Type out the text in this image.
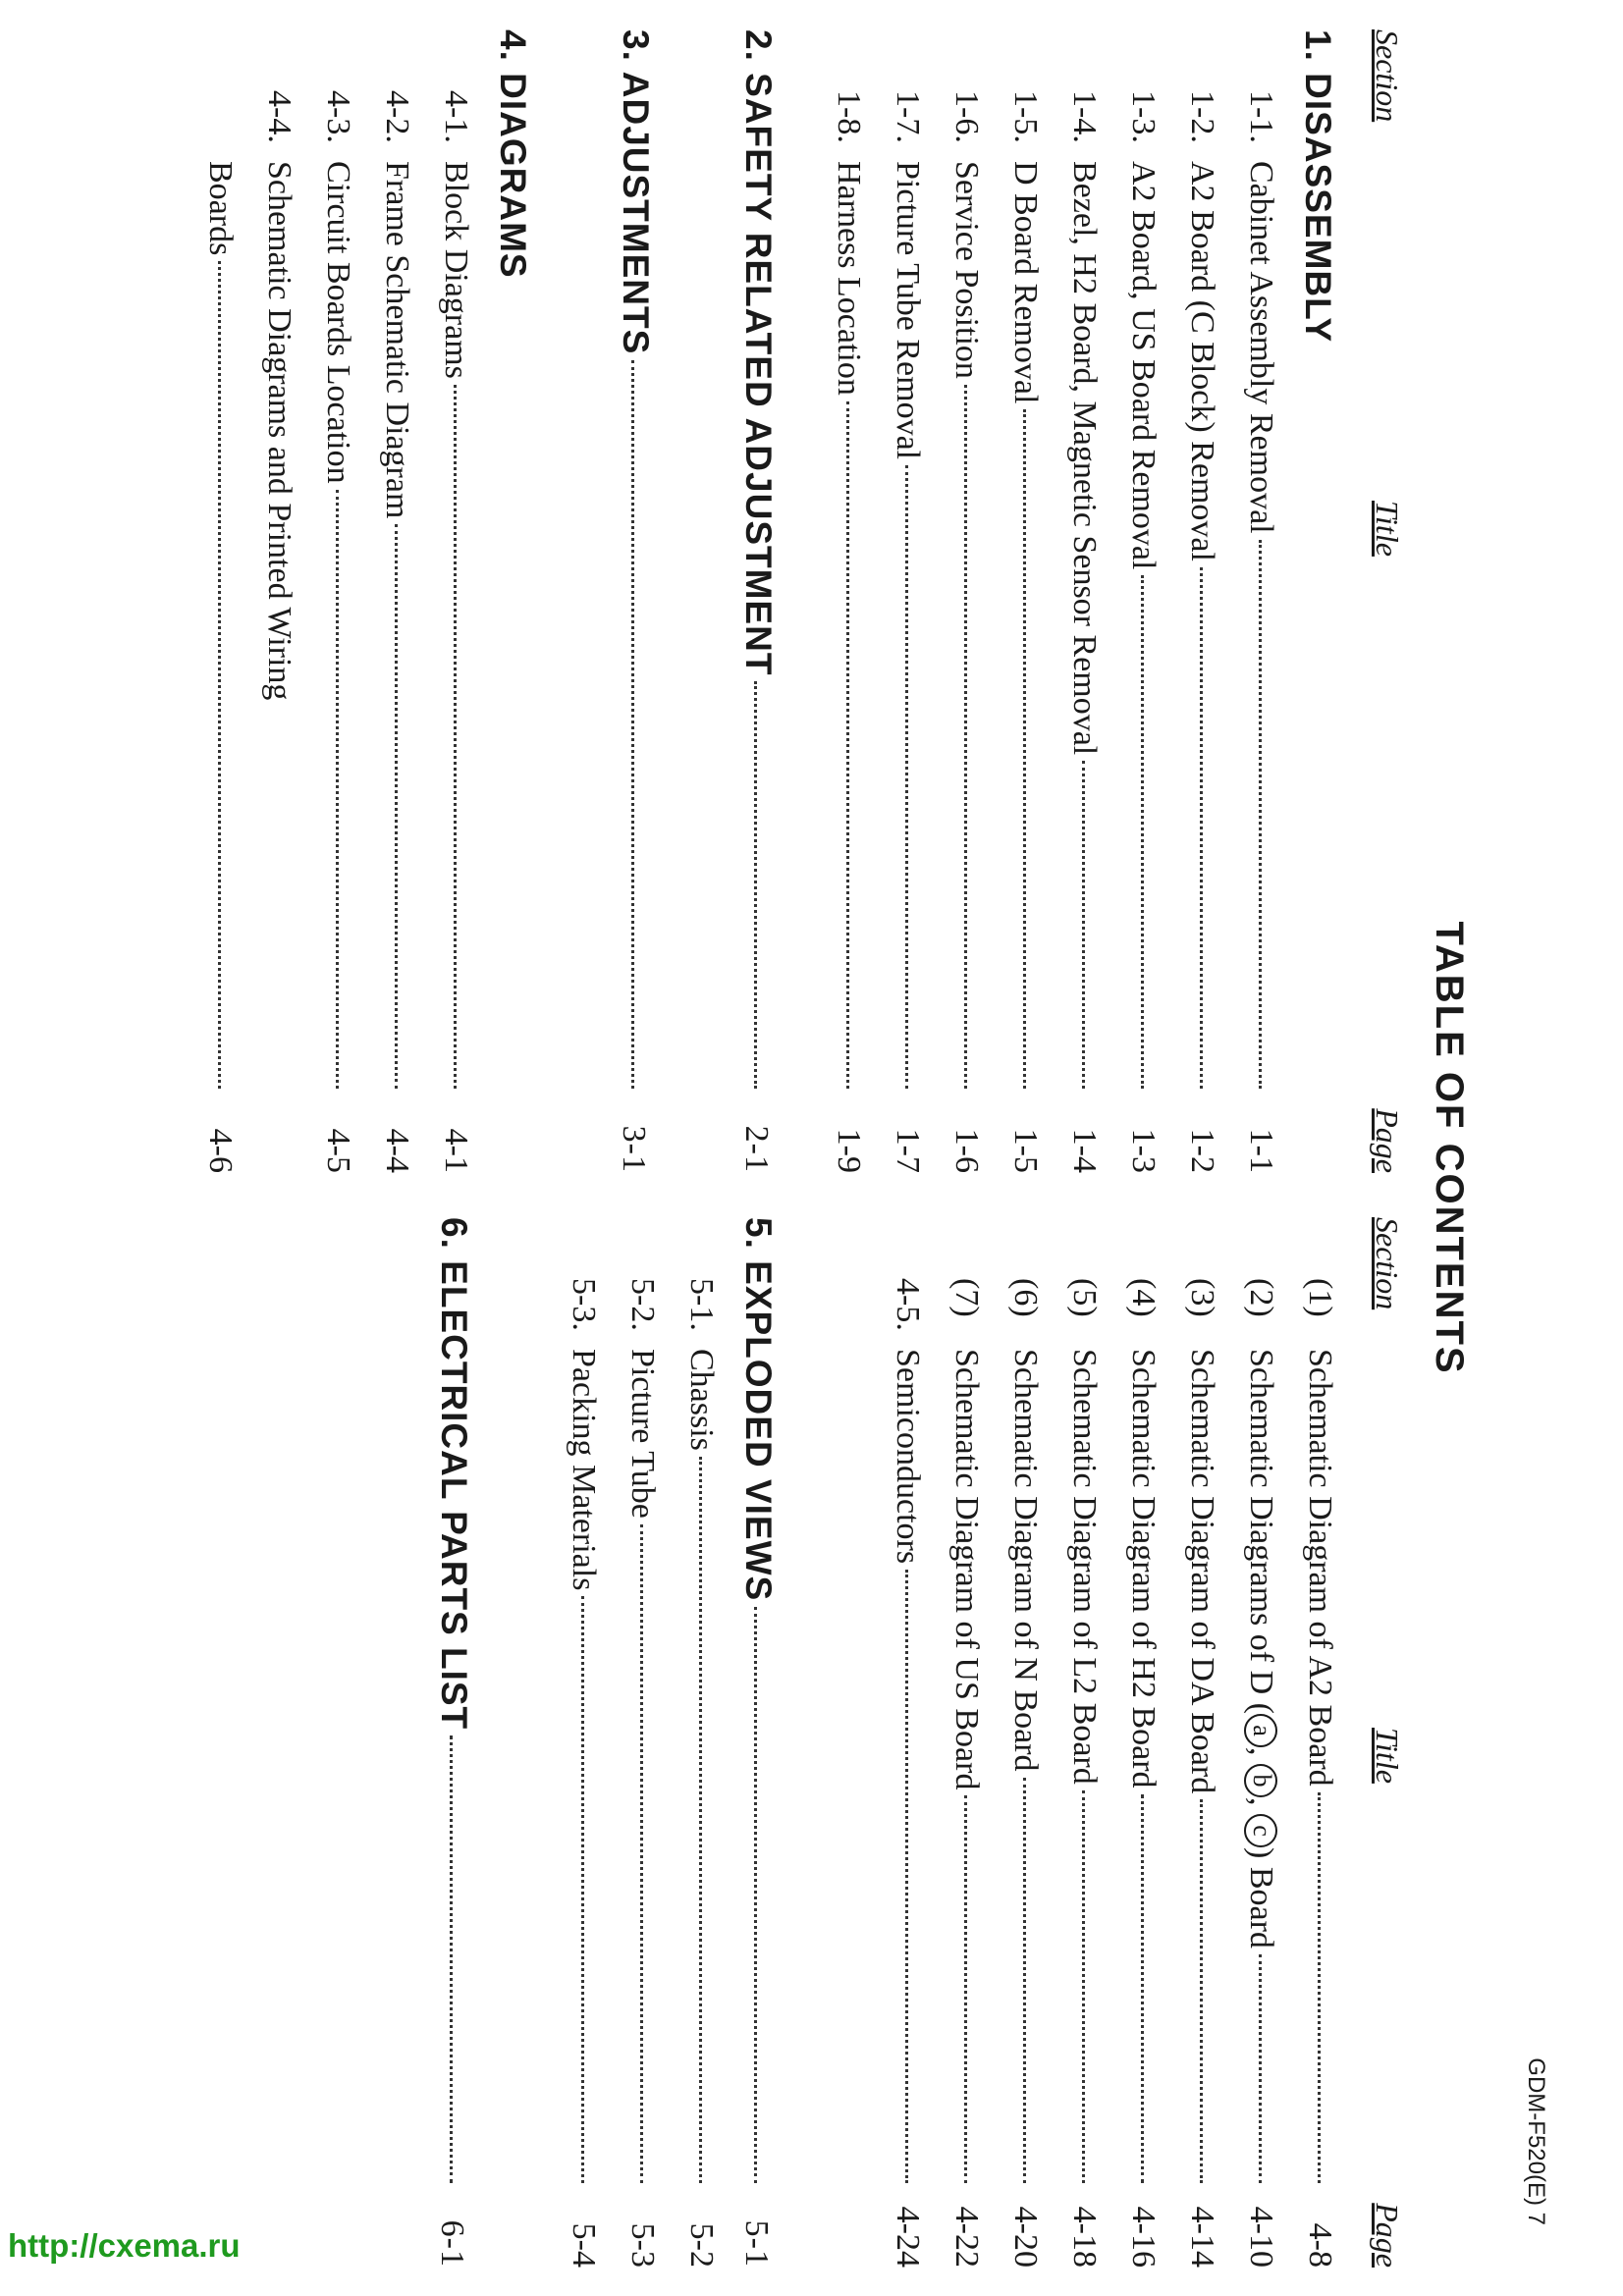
TABLE OF CONTENTS
Section
Title
Page
1. DISASSEMBLY
1-1.
Cabinet Assembly Removal
1-1
1-2.
A2 Board (C Block) Removal
1-2
1-3.
A2 Board, US Board Removal
1-3
1-4.
Bezel, H2 Board, Magnetic Sensor Removal
1-4
1-5.
D Board Removal
1-5
1-6.
Service Position
1-6
1-7.
Picture Tube Removal
1-7
1-8.
Harness Location
1-9
2. SAFETY RELATED ADJUSTMENT
2-1
3. ADJUSTMENTS
3-1
4. DIAGRAMS
4-1.
Block Diagrams
4-1
4-2.
Frame Schematic Diagram
4-4
4-3.
Circuit Boards Location
4-5
4-4.
Schematic Diagrams and Printed Wiring
Boards
4-6
Section
Title
Page
(1)
Schematic Diagram of A2 Board
4-8
(2)
Schematic Diagrams of D (a, b, c) Board
4-10
(3)
Schematic Diagram of DA Board
4-14
(4)
Schematic Diagram of H2 Board
4-16
(5)
Schematic Diagram of L2 Board
4-18
(6)
Schematic Diagram of N Board
4-20
(7)
Schematic Diagram of US Board
4-22
4-5.
Semiconductors
4-24
5. EXPLODED VIEWS
5-1
5-1.
Chassis
5-2
5-2.
Picture Tube
5-3
5-3.
Packing Materials
5-4
6. ELECTRICAL PARTS LIST
6-1
GDM-F520(E) 7
http://cxema.ru
